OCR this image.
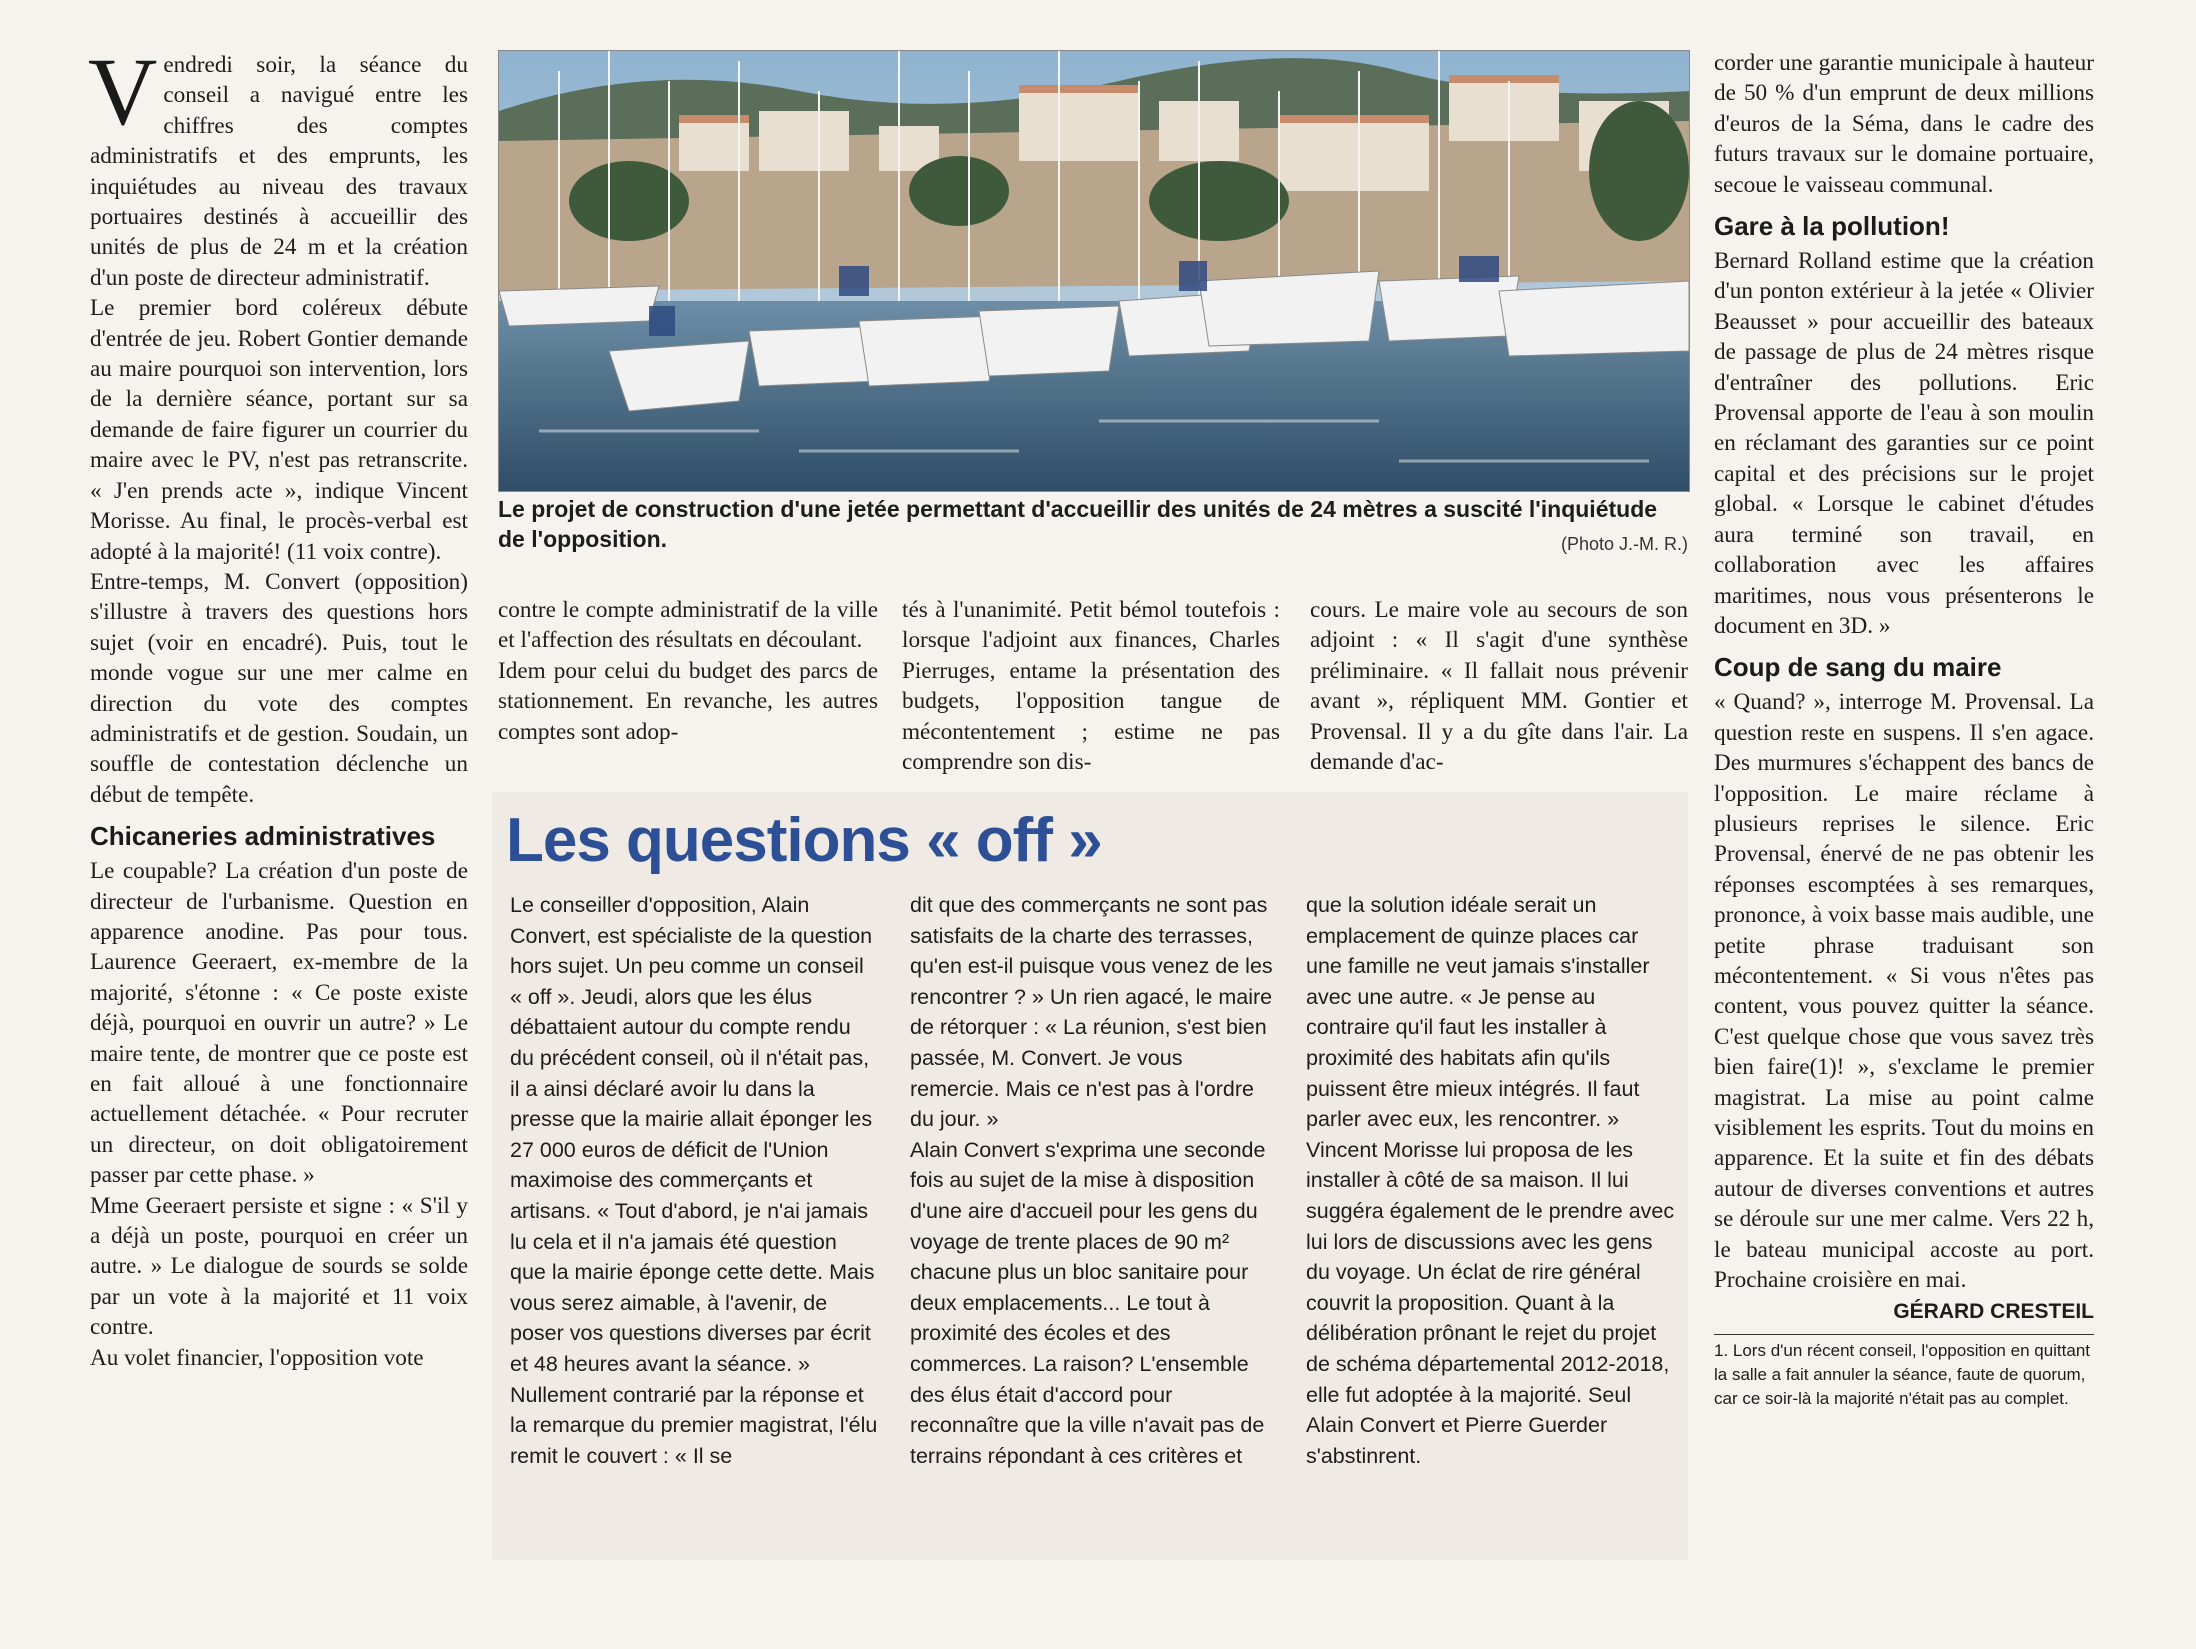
Vendredi soir, la séance du conseil a navigué entre les chiffres des comptes administratifs et des emprunts, les inquiétudes au niveau des travaux portuaires destinés à accueillir des unités de plus de 24 m et la création d'un poste de directeur administratif.

Le premier bord coléreux débute d'entrée de jeu. Robert Gontier demande au maire pourquoi son intervention, lors de la dernière séance, portant sur sa demande de faire figurer un courrier du maire avec le PV, n'est pas retranscrite. « J'en prends acte », indique Vincent Morisse. Au final, le procès-verbal est adopté à la majorité! (11 voix contre).

Entre-temps, M. Convert (opposition) s'illustre à travers des questions hors sujet (voir en encadré). Puis, tout le monde vogue sur une mer calme en direction du vote des comptes administratifs et de gestion. Soudain, un souffle de contestation déclenche un début de tempête.

Chicaneries administratives

Le coupable? La création d'un poste de directeur de l'urbanisme. Question en apparence anodine. Pas pour tous. Laurence Geeraert, ex-membre de la majorité, s'étonne : « Ce poste existe déjà, pourquoi en ouvrir un autre? » Le maire tente, de montrer que ce poste est en fait alloué à une fonctionnaire actuellement détachée. « Pour recruter un directeur, on doit obligatoirement passer par cette phase. »

Mme Geeraert persiste et signe : « S'il y a déjà un poste, pourquoi en créer un autre. » Le dialogue de sourds se solde par un vote à la majorité et 11 voix contre.

Au volet financier, l'opposition vote

Le projet de construction d'une jetée permettant d'accueillir des unités de 24 mètres a suscité l'inquiétude de l'opposition.	(Photo J.-M. R.)

contre le compte administratif de la ville et l'affection des résultats en découlant.

Idem pour celui du budget des parcs de stationnement. En revanche, les autres comptes sont adop-

tés à l'unanimité. Petit bémol toutefois : lorsque l'adjoint aux finances, Charles Pierruges, entame la présentation des budgets, l'opposition tangue de mécontentement ; estime ne pas comprendre son dis-

cours. Le maire vole au secours de son adjoint : « Il s'agit d'une synthèse préliminaire. « Il fallait nous prévenir avant », répliquent MM. Gontier et Provensal. Il y a du gîte dans l'air. La demande d'ac-

corder une garantie municipale à hauteur de 50 % d'un emprunt de deux millions d'euros de la Séma, dans le cadre des futurs travaux sur le domaine portuaire, secoue le vaisseau communal.

Gare à la pollution!

Bernard Rolland estime que la création d'un ponton extérieur à la jetée « Olivier Beausset » pour accueillir des bateaux de passage de plus de 24 mètres risque d'entraîner des pollutions. Eric Provensal apporte de l'eau à son moulin en réclamant des garanties sur ce point capital et des précisions sur le projet global. « Lorsque le cabinet d'études aura terminé son travail, en collaboration avec les affaires maritimes, nous vous présenterons le document en 3D. »

Coup de sang du maire

« Quand? », interroge M. Provensal. La question reste en suspens. Il s'en agace. Des murmures s'échappent des bancs de l'opposition. Le maire réclame à plusieurs reprises le silence. Eric Provensal, énervé de ne pas obtenir les réponses escomptées à ses remarques, prononce, à voix basse mais audible, une petite phrase traduisant son mécontentement. « Si vous n'êtes pas content, vous pouvez quitter la séance. C'est quelque chose que vous savez très bien faire(1)! », s'exclame le premier magistrat. La mise au point calme visiblement les esprits. Tout du moins en apparence. Et la suite et fin des débats autour de diverses conventions et autres se déroule sur une mer calme. Vers 22 h, le bateau municipal accoste au port. Prochaine croisière en mai.

GÉRARD CRESTEIL
1. Lors d'un récent conseil, l'opposition en quittant la salle a fait annuler la séance, faute de quorum, car ce soir-là la majorité n'était pas au complet.
Les questions « off »

Le conseiller d'opposition, Alain Convert, est spécialiste de la question hors sujet. Un peu comme un conseil « off ». Jeudi, alors que les élus débattaient autour du compte rendu du précédent conseil, où il n'était pas, il a ainsi déclaré avoir lu dans la presse que la mairie allait éponger les 27 000 euros de déficit de l'Union maximoise des commerçants et artisans. « Tout d'abord, je n'ai jamais lu cela et il n'a jamais été question que la mairie éponge cette dette. Mais vous serez aimable, à l'avenir, de poser vos questions diverses par écrit et 48 heures avant la séance. » Nullement contrarié par la réponse et la remarque du premier magistrat, l'élu remit le couvert : « Il se

dit que des commerçants ne sont pas satisfaits de la charte des terrasses, qu'en est-il puisque vous venez de les rencontrer ? » Un rien agacé, le maire de rétorquer : « La réunion, s'est bien passée, M. Convert. Je vous remercie. Mais ce n'est pas à l'ordre du jour. »

Alain Convert s'exprima une seconde fois au sujet de la mise à disposition d'une aire d'accueil pour les gens du voyage de trente places de 90 m² chacune plus un bloc sanitaire pour deux emplacements... Le tout à proximité des écoles et des commerces. La raison? L'ensemble des élus était d'accord pour reconnaître que la ville n'avait pas de terrains répondant à ces critères et

que la solution idéale serait un emplacement de quinze places car une famille ne veut jamais s'installer avec une autre. « Je pense au contraire qu'il faut les installer à proximité des habitats afin qu'ils puissent être mieux intégrés. Il faut parler avec eux, les rencontrer. »

Vincent Morisse lui proposa de les installer à côté de sa maison. Il lui suggéra également de le prendre avec lui lors de discussions avec les gens du voyage. Un éclat de rire général couvrit la proposition. Quant à la délibération prônant le rejet du projet de schéma départemental 2012-2018, elle fut adoptée à la majorité. Seul Alain Convert et Pierre Guerder s'abstinrent.
